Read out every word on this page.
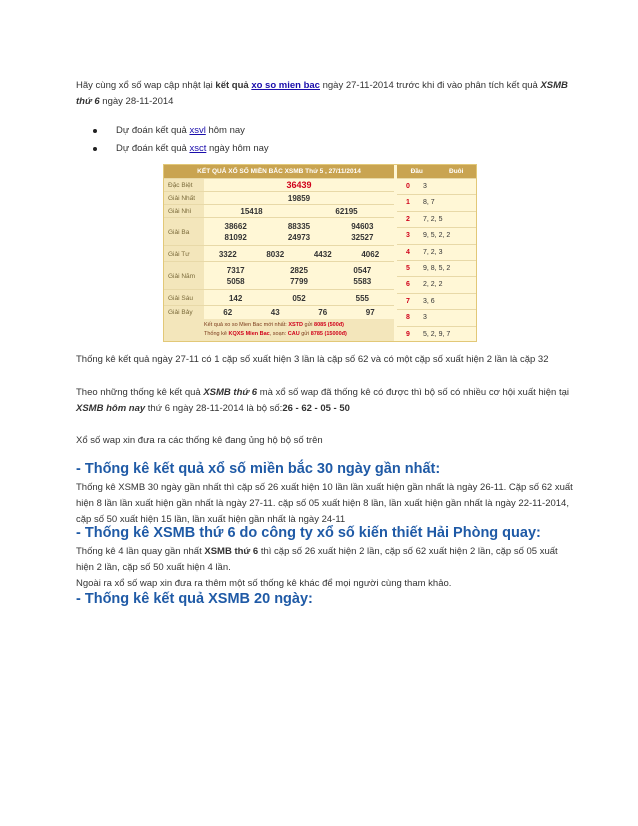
Hãy cùng xổ số wap cập nhật lại kết quả xo so mien bac ngày 27-11-2014 trước khi đi vào phân tích kết quả XSMB thứ 6 ngày 28-11-2014
Dự đoán kết quả xsvl hôm nay
Dự đoán kết quả xsct ngày hôm nay
KẾT QUẢ XỔ SỐ MIỀN BẮC XSMB Thứ 5 , 27/11/2014
Đặc Biệt	36439
Giải Nhất	19859
Giải Nhì	15418	62195
Giải Ba
38662	88335	94603
81092	24973	32527
Giải Tư	3322	8032	4432	4062
Giải Năm
7317	2825	0547
5058	7799	5583
Giải Sáu	142	052	555
Giải Bảy	62	43	76	97
Kết quả xo so Mien Bac mới nhất: XSTD gửi 8085 (500đ)
Thống kê KQXS Mien Bac, soạn: CAU gửi 8785 (15000đ)
Đầu	Đuôi
0	3
1	8, 7
2	7, 2, 5
3	9, 5, 2, 2
4	7, 2, 3
5	9, 8, 5, 2
6	2, 2, 2
7	3, 6
8	3
9	5, 2, 9, 7
Thống kê kết quả ngày 27-11 có 1 cặp số xuất hiện 3 lần là cặp số 62 và có một cặp số xuất hiện 2 lần là cặp 32
Theo những thống kê kết quả XSMB thứ 6 mà xổ số wap đã thống kê có được thì bộ số có nhiều cơ hội xuất hiện tại XSMB hôm nay thứ 6 ngày 28-11-2014 là bộ số:26 - 62 - 05 - 50
Xổ số wap xin đưa ra các thống kê đang ủng hộ bộ số trên
- Thống kê kết quả xổ số miền bắc 30 ngày gần nhất:
Thống kê XSMB 30 ngày gần nhất thì cặp số 26 xuất hiện 10 lần lần xuất hiện gần nhất là ngày 26-11. Cặp số 62 xuất hiện 8 lần lần xuất hiện gần nhất là ngày 27-11. cặp số 05 xuất hiện 8 lần, lần xuất hiện gần nhất là ngày 22-11-2014, cặp số 50 xuất hiện 15 lần, lần xuất hiện gần nhất là ngày 24-11
- Thống kê XSMB thứ 6 do công ty xổ số kiến thiết Hải Phòng quay:
Thống kê 4 lần quay gần nhất XSMB thứ 6 thì cặp số 26 xuất hiện 2 lần, cặp số 62 xuất hiện 2 lần, cặp số 05 xuất hiện 2 lần, cặp số 50 xuất hiện 4 lần.
Ngoài ra xổ số wap xin đưa ra thêm một số thống kê khác để mọi người cùng tham khảo.
- Thống kê kết quả XSMB 20 ngày:
